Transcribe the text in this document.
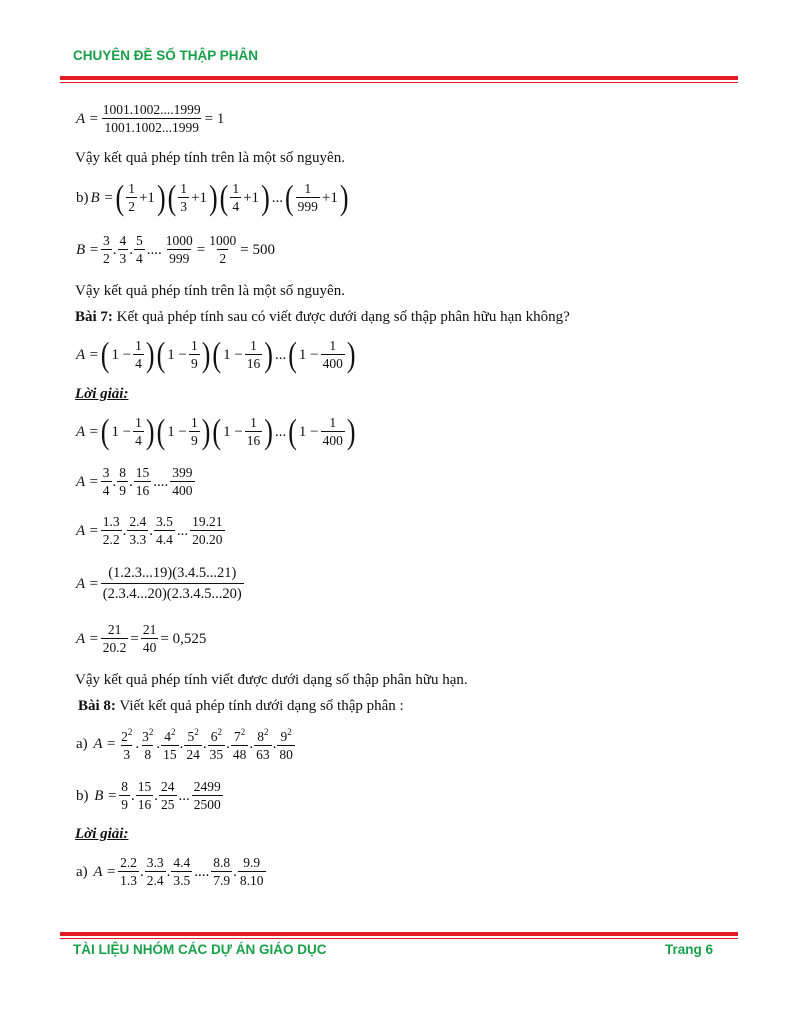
CHUYÊN ĐỀ SỐ THẬP PHÂN
$A = \frac{1001.1002....1999}{1001.1002...1999} = 1$
Vậy kết quả phép tính trên là một số nguyên.
b) B = ( $\frac{1}{2} +1$ ) ( $\frac{1}{3} +1$ ) ( $\frac{1}{4} +1$ ) ... ( $\frac{1}{999} +1$ )
$B = \frac{3}{2}$ . $\frac{4}{3}$ . $\frac{5}{4}$ .... $\frac{1000}{999} = \frac{1000}{2} = 500$
Vậy kết quả phép tính trên là một số nguyên.
Bài 7: Kết quả phép tính sau có viết được dưới dạng số thập phân hữu hạn không?
A = ( $1 - \frac{1}{4}$ ) ( $1 - \frac{1}{9}$ ) ( $1 - \frac{1}{16}$ ) ... ( $1 - \frac{1}{400}$ )
Lời giải:
A = ( $1 - \frac{1}{4}$ ) ( $1 - \frac{1}{9}$ ) ( $1 - \frac{1}{16}$ ) ... ( $1 - \frac{1}{400}$ )
$A = \frac{3}{4}$ . $\frac{8}{9}$ . $\frac{15}{16}$ .... $\frac{399}{400}$
$A = \frac{1.3}{2.2}$ . $\frac{2.4}{3.3}$ . $\frac{3.5}{4.4}$ ... $\frac{19.21}{20.20}$
$A = \frac{(1.2.3...19)(3.4.5...21)}{(2.3.4...20)(2.3.4.5...20)}$
$A = \frac{21}{20.2} = \frac{21}{40} = 0,525$
Vậy kết quả phép tính viết được dưới dạng số thập phân hữu hạn.
Bài 8: Viết kết quả phép tính dưới dạng số thập phân :
a)
$A = \frac{2^2}{3}$ . $\frac{3^2}{8}$ . $\frac{4^2}{15}$ . $\frac{5^2}{24}$ . $\frac{6^2}{35}$ . $\frac{7^2}{48}$ . $\frac{8^2}{63}$ . $\frac{9^2}{80}$
b)
$B = \frac{8}{9}$ . $\frac{15}{16}$ . $\frac{24}{25}$ ... $\frac{2499}{2500}$
Lời giải:
a)
$A = \frac{2.2}{1.3}$ . $\frac{3.3}{2.4}$ . $\frac{4.4}{3.5}$ .... $\frac{8.8}{7.9}$ . $\frac{9.9}{8.10}$
TÀI LIỆU NHÓM CÁC DỰ ÁN GIÁO DỤC	Trang 6
